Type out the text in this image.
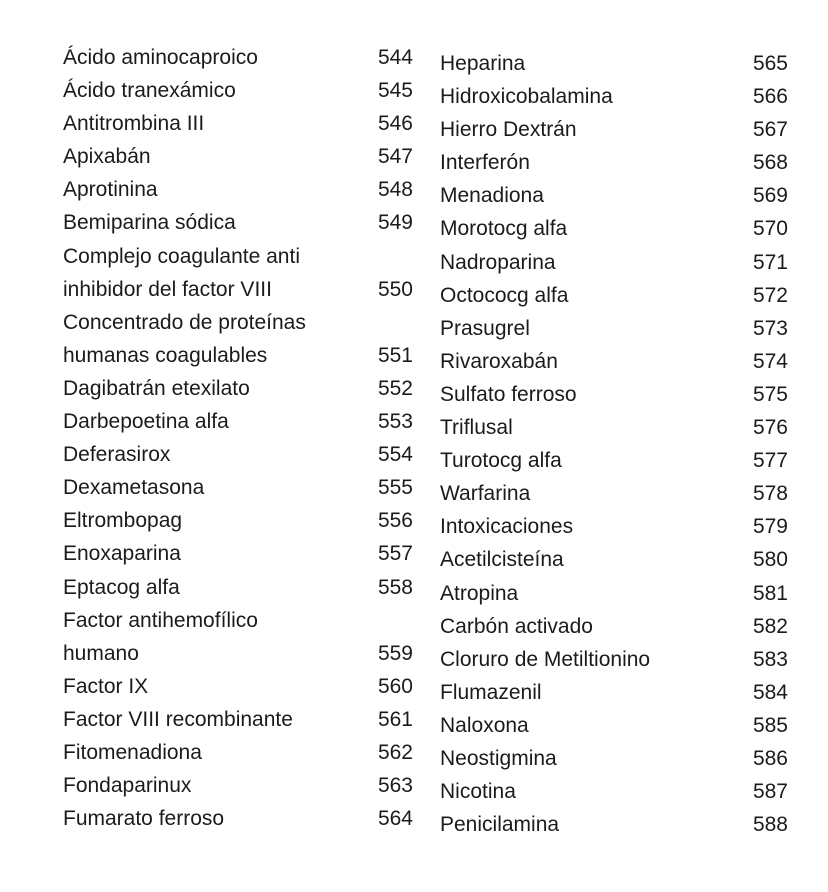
Ácido aminocaproico	544
Ácido tranexámico	545
Antitrombina III	546
Apixabán	547
Aprotinina	548
Bemiparina sódica	549
Complejo coagulante anti
inhibidor del factor VIII	550
Concentrado de proteínas
humanas coagulables	551
Dagibatrán etexilato	552
Darbepoetina alfa	553
Deferasirox	554
Dexametasona	555
Eltrombopag	556
Enoxaparina	557
Eptacog alfa	558
Factor antihemofílico
humano	559
Factor IX	560
Factor VIII recombinante	561
Fitomenadiona	562
Fondaparinux	563
Fumarato ferroso	564
Heparina	565
Hidroxicobalamina	566
Hierro Dextrán	567
Interferón	568
Menadiona	569
Morotocg alfa	570
Nadroparina	571
Octococg alfa	572
Prasugrel	573
Rivaroxabán	574
Sulfato ferroso	575
Triflusal	576
Turotocg alfa	577
Warfarina	578
Intoxicaciones	579
Acetilcisteína	580
Atropina	581
Carbón activado	582
Cloruro de Metiltionino	583
Flumazenil	584
Naloxona	585
Neostigmina	586
Nicotina	587
Penicilamina	588
